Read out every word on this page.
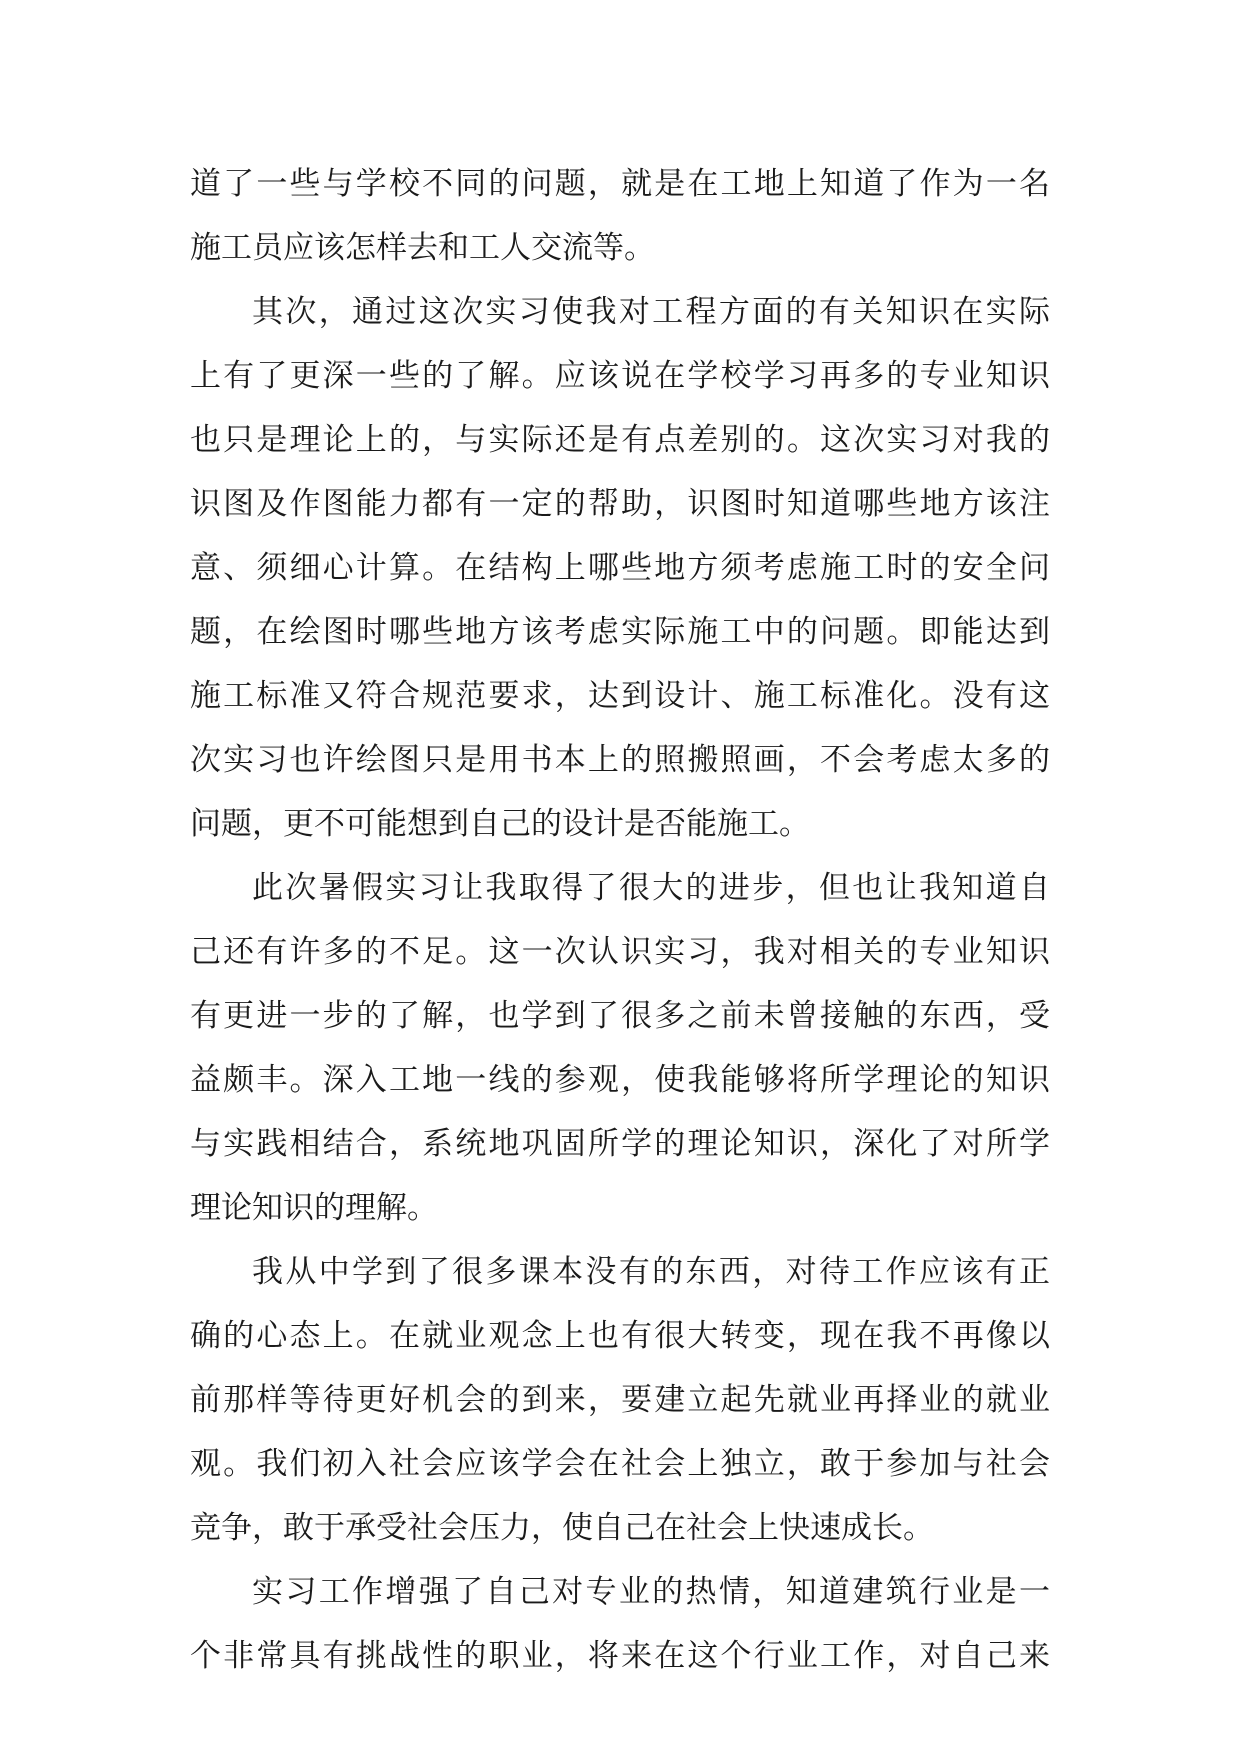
道了一些与学校不同的问题，就是在工地上知道了作为一名
施工员应该怎样去和工人交流等。
其次，通过这次实习使我对工程方面的有关知识在实际
上有了更深一些的了解。应该说在学校学习再多的专业知识
也只是理论上的，与实际还是有点差别的。这次实习对我的
识图及作图能力都有一定的帮助，识图时知道哪些地方该注
意、须细心计算。在结构上哪些地方须考虑施工时的安全问
题，在绘图时哪些地方该考虑实际施工中的问题。即能达到
施工标准又符合规范要求，达到设计、施工标准化。没有这
次实习也许绘图只是用书本上的照搬照画，不会考虑太多的
问题，更不可能想到自己的设计是否能施工。
此次暑假实习让我取得了很大的进步，但也让我知道自
己还有许多的不足。这一次认识实习，我对相关的专业知识
有更进一步的了解，也学到了很多之前未曾接触的东西，受
益颇丰。深入工地一线的参观，使我能够将所学理论的知识
与实践相结合，系统地巩固所学的理论知识，深化了对所学
理论知识的理解。
我从中学到了很多课本没有的东西，对待工作应该有正
确的心态上。在就业观念上也有很大转变，现在我不再像以
前那样等待更好机会的到来，要建立起先就业再择业的就业
观。我们初入社会应该学会在社会上独立，敢于参加与社会
竞争，敢于承受社会压力，使自己在社会上快速成长。
实习工作增强了自己对专业的热情，知道建筑行业是一
个非常具有挑战性的职业，将来在这个行业工作，对自己来
